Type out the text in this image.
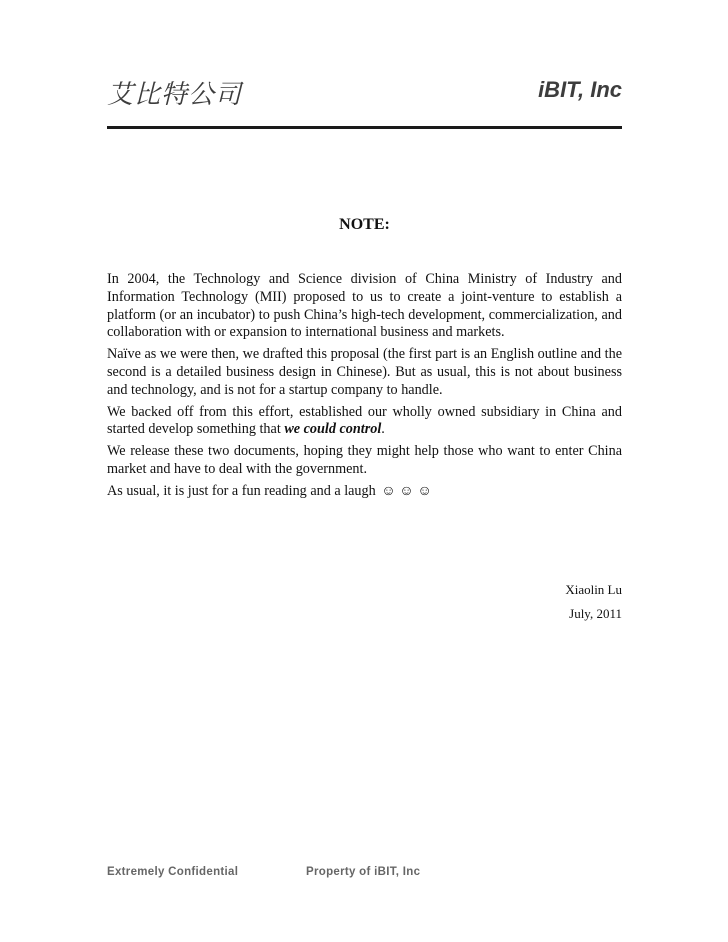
艾比特公司	iBIT, Inc
NOTE:

In 2004, the Technology and Science division of China Ministry of Industry and Information Technology (MII) proposed to us to create a joint-venture to establish a platform (or an incubator) to push China’s high-tech development, commercialization, and collaboration with or expansion to international business and markets.

Naïve as we were then, we drafted this proposal (the first part is an English outline and the second is a detailed business design in Chinese). But as usual, this is not about business and technology, and is not for a startup company to handle.

We backed off from this effort, established our wholly owned subsidiary in China and started develop something that we could control.

We release these two documents, hoping they might help those who want to enter China market and have to deal with the government.

As usual, it is just for a fun reading and a laugh ☺ ☺ ☺

Xiaolin Lu
July, 2011
Extremely Confidential	Property of iBIT, Inc
